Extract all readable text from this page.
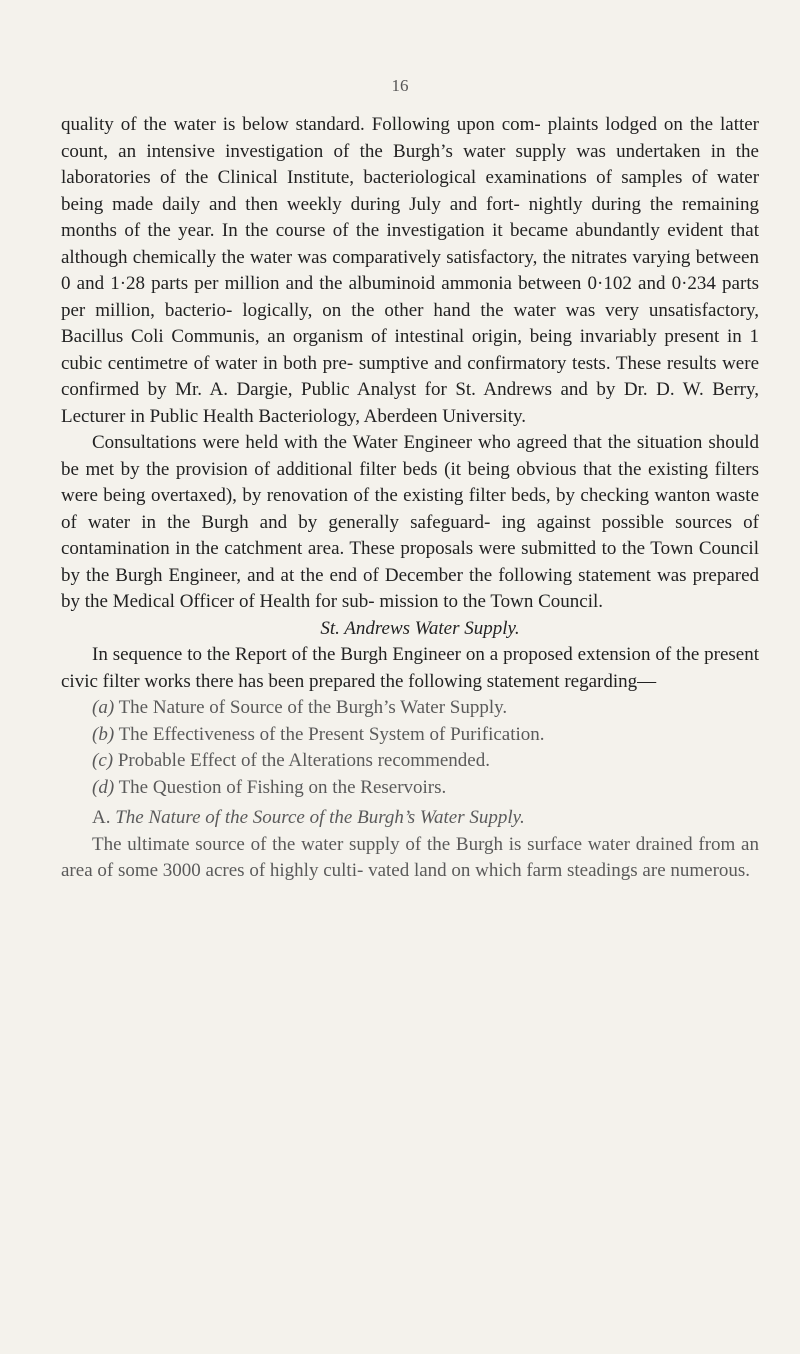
16

quality of the water is below standard. Following upon com- plaints lodged on the latter count, an intensive investigation of the Burgh’s water supply was undertaken in the laboratories of the Clinical Institute, bacteriological examinations of samples of water being made daily and then weekly during July and fort- nightly during the remaining months of the year. In the course of the investigation it became abundantly evident that although chemically the water was comparatively satisfactory, the nitrates varying between 0 and 1·28 parts per million and the albuminoid ammonia between 0·102 and 0·234 parts per million, bacterio- logically, on the other hand the water was very unsatisfactory, Bacillus Coli Communis, an organism of intestinal origin, being invariably present in 1 cubic centimetre of water in both pre- sumptive and confirmatory tests. These results were confirmed by Mr. A. Dargie, Public Analyst for St. Andrews and by Dr. D. W. Berry, Lecturer in Public Health Bacteriology, Aberdeen University.

Consultations were held with the Water Engineer who agreed that the situation should be met by the provision of additional filter beds (it being obvious that the existing filters were being overtaxed), by renovation of the existing filter beds, by checking wanton waste of water in the Burgh and by generally safeguard- ing against possible sources of contamination in the catchment area. These proposals were submitted to the Town Council by the Burgh Engineer, and at the end of December the following statement was prepared by the Medical Officer of Health for sub- mission to the Town Council.

St. Andrews Water Supply.

In sequence to the Report of the Burgh Engineer on a proposed extension of the present civic filter works there has been prepared the following statement regarding—

(a) The Nature of Source of the Burgh’s Water Supply.

(b) The Effectiveness of the Present System of Purification.

(c) Probable Effect of the Alterations recommended.

(d) The Question of Fishing on the Reservoirs.

A. The Nature of the Source of the Burgh’s Water Supply.

The ultimate source of the water supply of the Burgh is surface water drained from an area of some 3000 acres of highly culti- vated land on which farm steadings are numerous.
